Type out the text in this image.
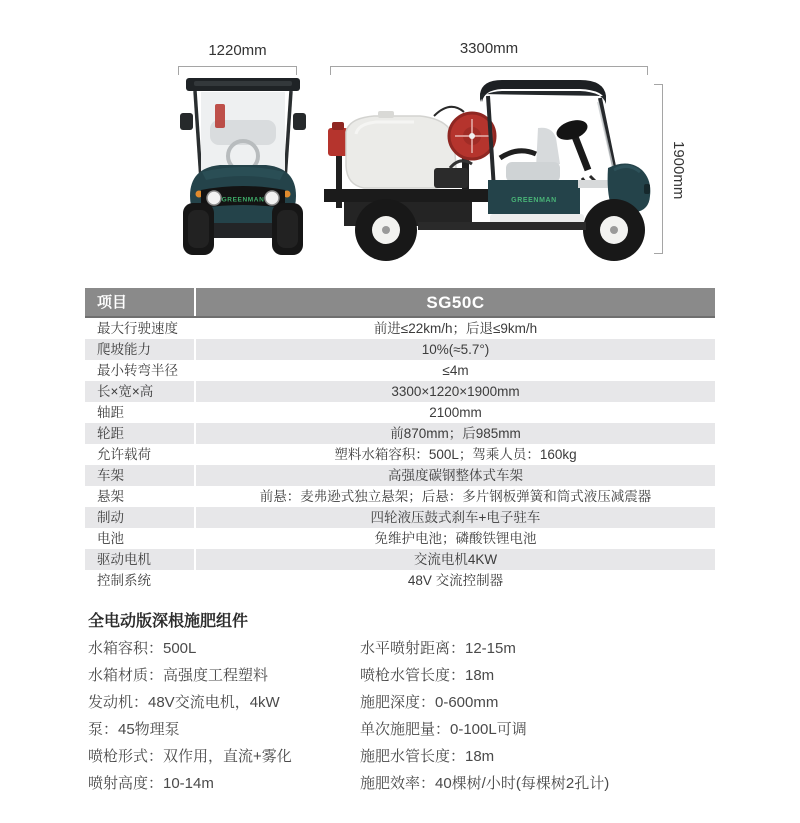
GREENMAN	GREENMAN
1220mm	3300mm
1900mm
项目	SG50C
最大行驶速度	前进≤22km/h；后退≤9km/h
爬坡能力	10%(≈5.7°)
最小转弯半径	≤4m
长×宽×高	3300×1220×1900mm
轴距	2100mm
轮距	前870mm；后985mm
允许载荷	塑料水箱容积：500L；驾乘人员：160kg
车架	高强度碳钢整体式车架
悬架	前悬：麦弗逊式独立悬架；后悬：多片钢板弹簧和筒式液压减震器
制动	四轮液压鼓式刹车+电子驻车
电池	免维护电池；磷酸铁锂电池
驱动电机	交流电机4KW
控制系统	48V 交流控制器
全电动版深根施肥组件
水箱容积：500L
水箱材质：高强度工程塑料
发动机：48V交流电机，4kW
泵：45物理泵
喷枪形式：双作用，直流+雾化
喷射高度：10-14m
水平喷射距离：12-15m
喷枪水管长度：18m
施肥深度：0-600mm
单次施肥量：0-100L可调
施肥水管长度：18m
施肥效率：40棵树/小时(每棵树2孔计)
